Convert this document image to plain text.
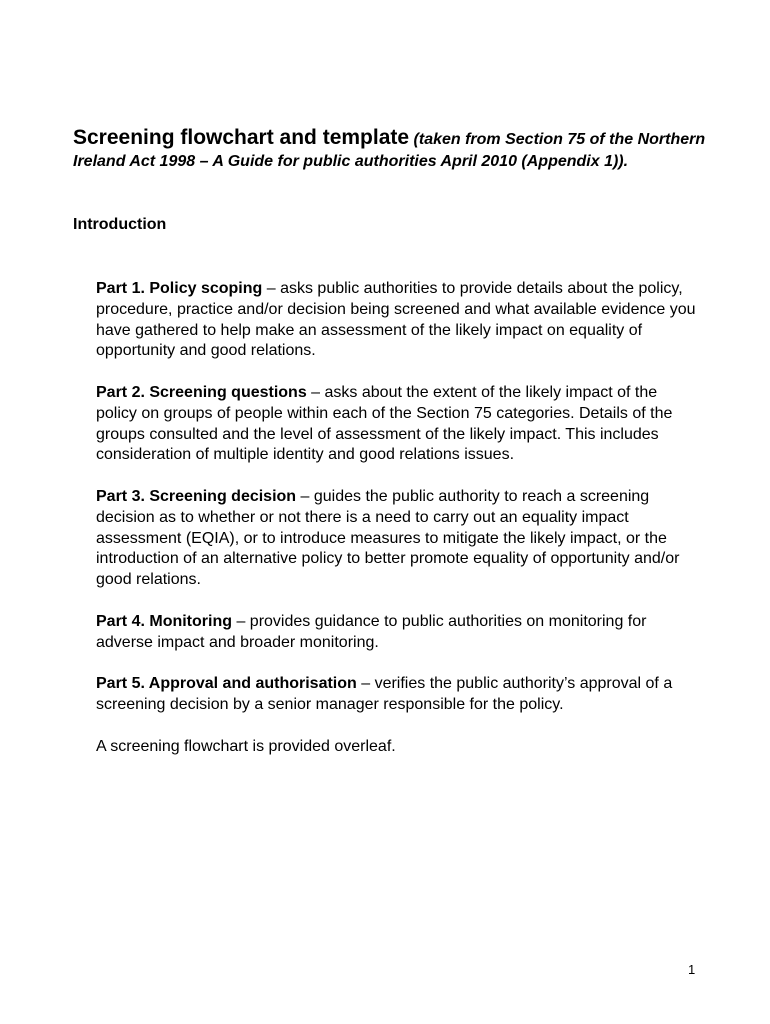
Screening flowchart and template (taken from Section 75 of the Northern Ireland Act 1998 – A Guide for public authorities April 2010 (Appendix 1)).
Introduction

Part 1. Policy scoping – asks public authorities to provide details about the policy, procedure, practice and/or decision being screened and what available evidence you have gathered to help make an assessment of the likely impact on equality of opportunity and good relations.

Part 2. Screening questions – asks about the extent of the likely impact of the policy on groups of people within each of the Section 75 categories. Details of the groups consulted and the level of assessment of the likely impact. This includes consideration of multiple identity and good relations issues.

Part 3. Screening decision – guides the public authority to reach a screening decision as to whether or not there is a need to carry out an equality impact assessment (EQIA), or to introduce measures to mitigate the likely impact, or the introduction of an alternative policy to better promote equality of opportunity and/or good relations.

Part 4. Monitoring – provides guidance to public authorities on monitoring for adverse impact and broader monitoring.

Part 5. Approval and authorisation – verifies the public authority’s approval of a screening decision by a senior manager responsible for the policy.

A screening flowchart is provided overleaf.

1
